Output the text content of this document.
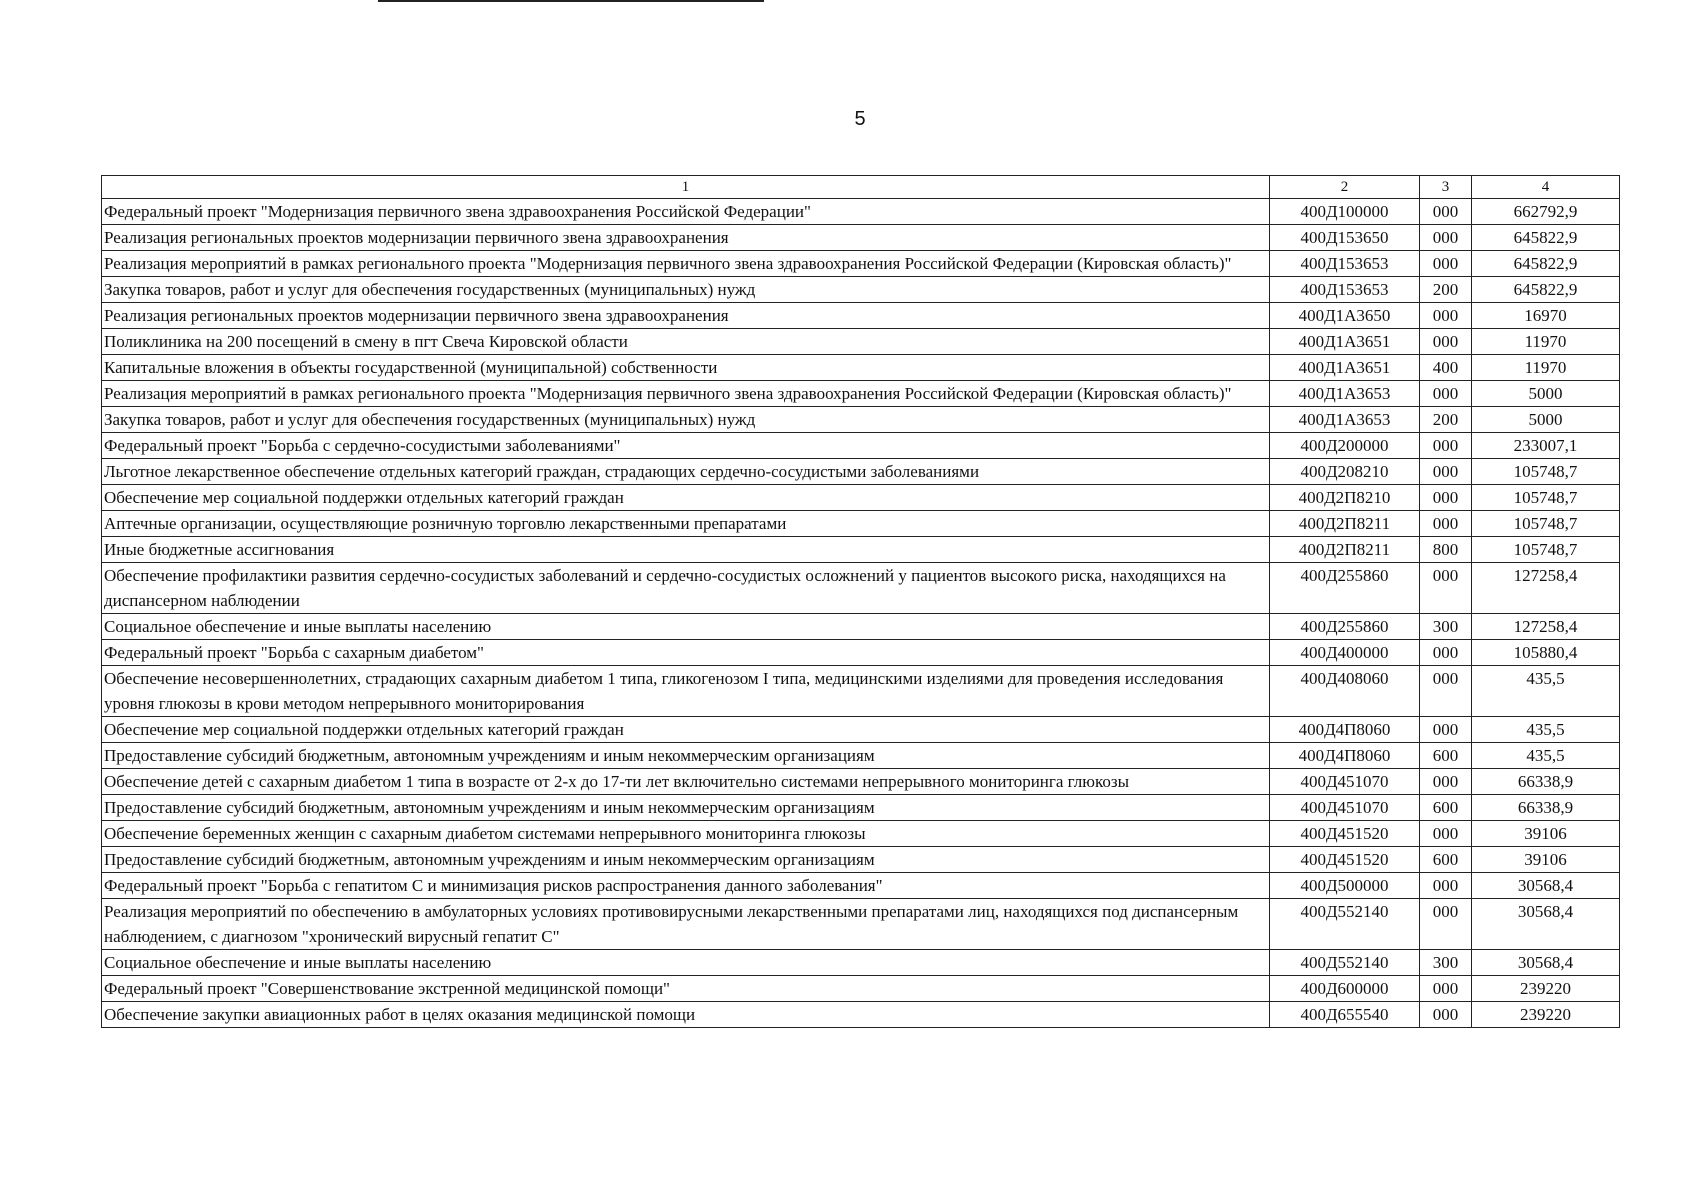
5
1	2	3	4
Федеральный проект "Модернизация первичного звена здравоохранения Российской Федерации"	400Д100000	000	662792,9
Реализация региональных проектов модернизации первичного звена здравоохранения	400Д153650	000	645822,9
Реализация мероприятий в рамках регионального проекта "Модернизация первичного звена здравоохранения Российской Федерации (Кировская область)"	400Д153653	000	645822,9
Закупка товаров, работ и услуг для обеспечения государственных (муниципальных) нужд	400Д153653	200	645822,9
Реализация региональных проектов модернизации первичного звена здравоохранения	400Д1А3650	000	16970
Поликлиника на 200 посещений в смену в пгт Свеча Кировской области	400Д1А3651	000	11970
Капитальные вложения в объекты государственной (муниципальной) собственности	400Д1А3651	400	11970
Реализация мероприятий в рамках регионального проекта "Модернизация первичного звена здравоохранения Российской Федерации (Кировская область)"	400Д1А3653	000	5000
Закупка товаров, работ и услуг для обеспечения государственных (муниципальных) нужд	400Д1А3653	200	5000
Федеральный проект "Борьба с сердечно-сосудистыми заболеваниями"	400Д200000	000	233007,1
Льготное лекарственное обеспечение отдельных категорий граждан, страдающих сердечно-сосудистыми заболеваниями	400Д208210	000	105748,7
Обеспечение мер социальной поддержки отдельных категорий граждан	400Д2П8210	000	105748,7
Аптечные организации, осуществляющие розничную торговлю лекарственными препаратами	400Д2П8211	000	105748,7
Иные бюджетные ассигнования	400Д2П8211	800	105748,7
Обеспечение профилактики развития сердечно-сосудистых заболеваний и сердечно-сосудистых осложнений у пациентов высокого риска, находящихся на диспансерном наблюдении	400Д255860	000	127258,4
Социальное обеспечение и иные выплаты населению	400Д255860	300	127258,4
Федеральный проект "Борьба с сахарным диабетом"	400Д400000	000	105880,4
Обеспечение несовершеннолетних, страдающих сахарным диабетом 1 типа, гликогенозом I типа, медицинскими изделиями для проведения исследования уровня глюкозы в крови методом непрерывного мониторирования	400Д408060	000	435,5
Обеспечение мер социальной поддержки отдельных категорий граждан	400Д4П8060	000	435,5
Предоставление субсидий бюджетным, автономным учреждениям и иным некоммерческим организациям	400Д4П8060	600	435,5
Обеспечение детей с сахарным диабетом 1 типа в возрасте от 2-х до 17-ти лет включительно системами непрерывного мониторинга глюкозы	400Д451070	000	66338,9
Предоставление субсидий бюджетным, автономным учреждениям и иным некоммерческим организациям	400Д451070	600	66338,9
Обеспечение беременных женщин с сахарным диабетом системами непрерывного мониторинга глюкозы	400Д451520	000	39106
Предоставление субсидий бюджетным, автономным учреждениям и иным некоммерческим организациям	400Д451520	600	39106
Федеральный проект "Борьба с гепатитом С и минимизация рисков распространения данного заболевания"	400Д500000	000	30568,4
Реализация мероприятий по обеспечению в амбулаторных условиях противовирусными лекарственными препаратами лиц, находящихся под диспансерным наблюдением, с диагнозом "хронический вирусный гепатит С"	400Д552140	000	30568,4
Социальное обеспечение и иные выплаты населению	400Д552140	300	30568,4
Федеральный проект "Совершенствование экстренной медицинской помощи"	400Д600000	000	239220
Обеспечение закупки авиационных работ в целях оказания медицинской помощи	400Д655540	000	239220
